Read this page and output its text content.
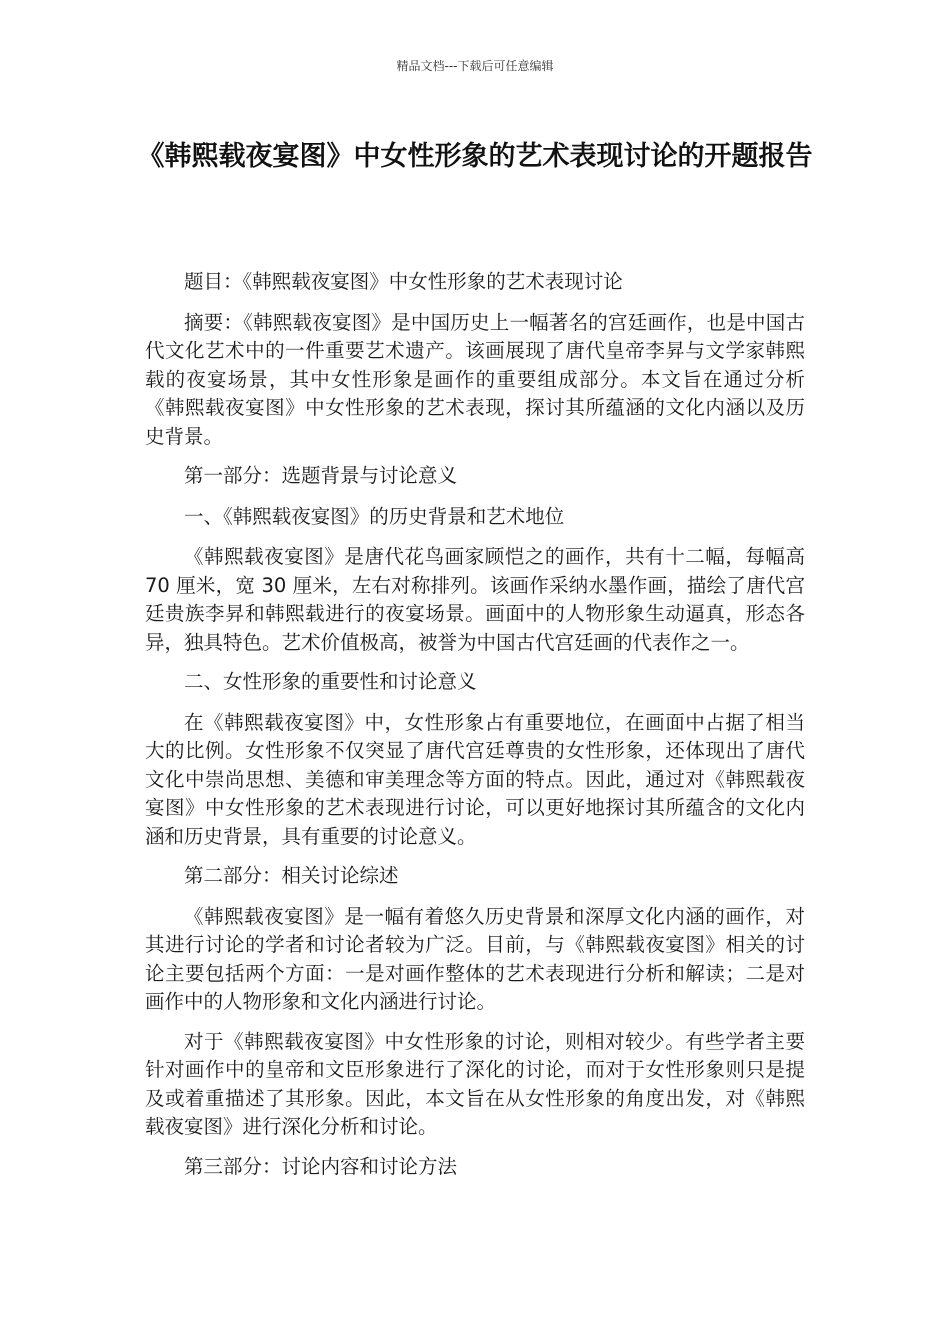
精品文档---下载后可任意编辑
《韩熙载夜宴图》中女性形象的艺术表现讨论的开题报告

题目：《韩熙载夜宴图》中女性形象的艺术表现讨论

摘要：《韩熙载夜宴图》是中国历史上一幅著名的宫廷画作，也是中国古代文化艺术中的一件重要艺术遗产。该画展现了唐代皇帝李昇与文学家韩熙载的夜宴场景，其中女性形象是画作的重要组成部分。本文旨在通过分析《韩熙载夜宴图》中女性形象的艺术表现，探讨其所蕴涵的文化内涵以及历史背景。

第一部分：选题背景与讨论意义

一、《韩熙载夜宴图》的历史背景和艺术地位

《韩熙载夜宴图》是唐代花鸟画家顾恺之的画作，共有十二幅，每幅高 70 厘米，宽 30 厘米，左右对称排列。该画作采纳水墨作画，描绘了唐代宫廷贵族李昇和韩熙载进行的夜宴场景。画面中的人物形象生动逼真，形态各异，独具特色。艺术价值极高，被誉为中国古代宫廷画的代表作之一。

二、女性形象的重要性和讨论意义

在《韩熙载夜宴图》中，女性形象占有重要地位，在画面中占据了相当大的比例。女性形象不仅突显了唐代宫廷尊贵的女性形象，还体现出了唐代文化中崇尚思想、美德和审美理念等方面的特点。因此，通过对《韩熙载夜宴图》中女性形象的艺术表现进行讨论，可以更好地探讨其所蕴含的文化内涵和历史背景，具有重要的讨论意义。

第二部分：相关讨论综述

《韩熙载夜宴图》是一幅有着悠久历史背景和深厚文化内涵的画作，对其进行讨论的学者和讨论者较为广泛。目前，与《韩熙载夜宴图》相关的讨论主要包括两个方面：一是对画作整体的艺术表现进行分析和解读；二是对画作中的人物形象和文化内涵进行讨论。

对于《韩熙载夜宴图》中女性形象的讨论，则相对较少。有些学者主要针对画作中的皇帝和文臣形象进行了深化的讨论，而对于女性形象则只是提及或着重描述了其形象。因此，本文旨在从女性形象的角度出发，对《韩熙载夜宴图》进行深化分析和讨论。

第三部分：讨论内容和讨论方法
